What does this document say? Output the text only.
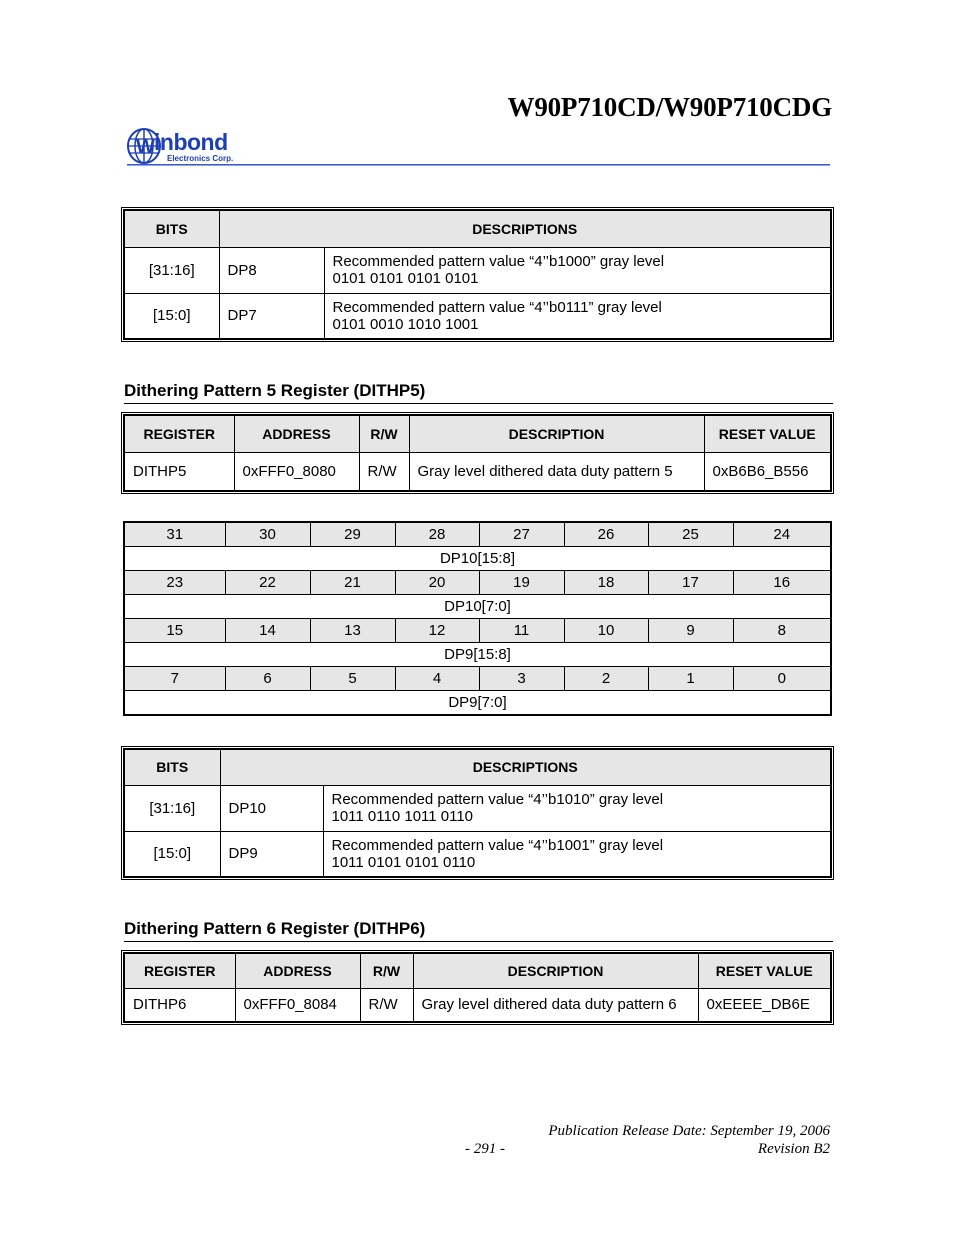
W90P710CD/W90P710CDG
W inbond
Electronics Corp.
BITS	DESCRIPTIONS	
[31:16]	DP8	Recommended pattern value “4’’b1000” gray level
0101 0101 0101 0101

[15:0]	DP7	Recommended pattern value “4’’b0111” gray level
0101 0010 1010 1001
Dithering Pattern 5 Register (DITHP5)
REGISTER	ADDRESS	R/W	DESCRIPTION	RESET VALUE
DITHP5	0xFFF0_8080	R/W	Gray level dithered data duty pattern 5	0xB6B6_B556
31	30	29	28	27	26	25	24
DP10[15:8]							
23	22	21	20	19	18	17	16
DP10[7:0]							
15	14	13	12	11	10	9	8
DP9[15:8]							
7	6	5	4	3	2	1	0
DP9[7:0]							
BITS	DESCRIPTIONS	
[31:16]	DP10	Recommended pattern value “4’’b1010” gray level
1011 0110 1011 0110

[15:0]	DP9	Recommended pattern value “4’’b1001” gray level
1011 0101 0101 0110
Dithering Pattern 6 Register (DITHP6)
REGISTER	ADDRESS	R/W	DESCRIPTION	RESET VALUE
DITHP6	0xFFF0_8084	R/W	Gray level dithered data duty pattern 6	0xEEEE_DB6E
Publication Release Date: September 19, 2006
- 291 -	Revision B2
